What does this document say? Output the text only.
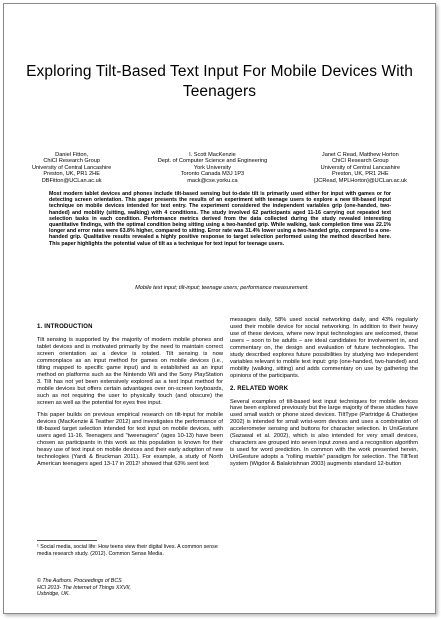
Exploring Tilt-Based Text Input For Mobile Devices With Teenagers
Daniel Fitton,
ChiCI Research Group
University of Central Lancashire
Preston, UK, PR1 2HE
DBFitton@UCLan.ac.uk
I. Scott MacKenzie
Dept. of Computer Science and Engineering
York University
Toronto Canada M3J 1P3
mack@cse.yorku.ca
Janet C Read, Matthew Horton
ChiCI Research Group
University of Central Lancashire
Preston, UK, PR1 2HE
{JCRead, MPLHorton}@UCLan.ac.uk

Most modern tablet devices and phones include tilt-based sensing but to-date tilt is primarily used either for input with games or for detecting screen orientation. This paper presents the results of an experiment with teenage users to explore a new tilt-based input technique on mobile devices intended for text entry. The experiment considered the independent variables grip (one-handed, two-handed) and mobility (sitting, walking) with 4 conditions. The study involved 62 participants aged 11-16 carrying out repeated text selection tasks in each condition. Performance metrics derived from the data collected during the study revealed interesting quantitative findings, with the optimal condition being sitting using a two-handed grip. While walking, task completion time was 22.1% longer and error rates were 63.8% higher, compared to sitting. Error rate was 31.4% lower using a two-handed grip, compared to a one-handed grip. Qualitative results revealed a highly positive response to target selection performed using the method described here. This paper highlights the potential value of tilt as a technique for text input for teenage users.

Mobile text input; tilt-input; teenage users; performance measurement.

1. INTRODUCTION

Tilt sensing is supported by the majority of modern mobile phones and tablet devices and is motivated primarily by the need to maintain correct screen orientation as a device is rotated. Tilt sensing is now commonplace as an input method for games on mobile devices (i.e., tilting mapped to specific game input) and is established as an input method on platforms such as the Nintendo Wii and the Sony PlayStation 3. Tilt has not yet been extensively explored as a text input method for mobile devices but offers certain advantages over on-screen keyboards, such as not requiring the user to physically touch (and obscure) the screen as well as the potential for eyes free input.

This paper builds on previous empirical research on tilt-input for mobile devices (MacKenzie & Teather 2012) and investigates the performance of tilt-based target selection intended for text input on mobile devices, with users aged 11-16. Teenagers and "tweenagers" (ages 10-13) have been chosen as participants in this work as this population is known for their heavy use of text input on mobile devices and their early adoption of new technologies (Yardi & Bruckman 2011). For example, a study of North American teenagers aged 13-17 in 2012¹ showed that 63% sent text

messages daily, 58% used social networking daily, and 43% regularly used their mobile device for social networking. In addition to their heavy use of these devices, where new input technologies are welcomed, these users – soon to be adults – are ideal candidates for involvement in, and commentary on, the design and evaluation of future technologies. The study described explores future possibilities by studying two independent variables relevant to mobile text input: grip (one-handed, two-handed) and mobility (walking, sitting) and adds commentary on use by gathering the opinions of the participants.

2. RELATED WORK

Several examples of tilt-based text input techniques for mobile devices have been explored previously but the large majority of these studies have used small watch or phone sized devices. TiltType (Partridge & Chatterjee 2002) is intended for small wrist-worn devices and uses a combination of accelerometer sensing and buttons for character selection. In UniGesture (Sazawal et al. 2002), which is also intended for very small devices, characters are grouped into seven input zones and a recognition algorithm is used for word prediction. In common with the work presented herein, UniGesture adopts a "rolling marble" paradigm for selection. The TiltText system (Wigdor & Balakrishnan 2003) augments standard 12-button

¹ Social media, social life: How teens view their digital lives. A common sense media research study. (2012). Common Sense Media.
© The Authors. Proceedings of BCS
HCI 2013- The Internet of Things XXVII,
Uxbridge, UK.
